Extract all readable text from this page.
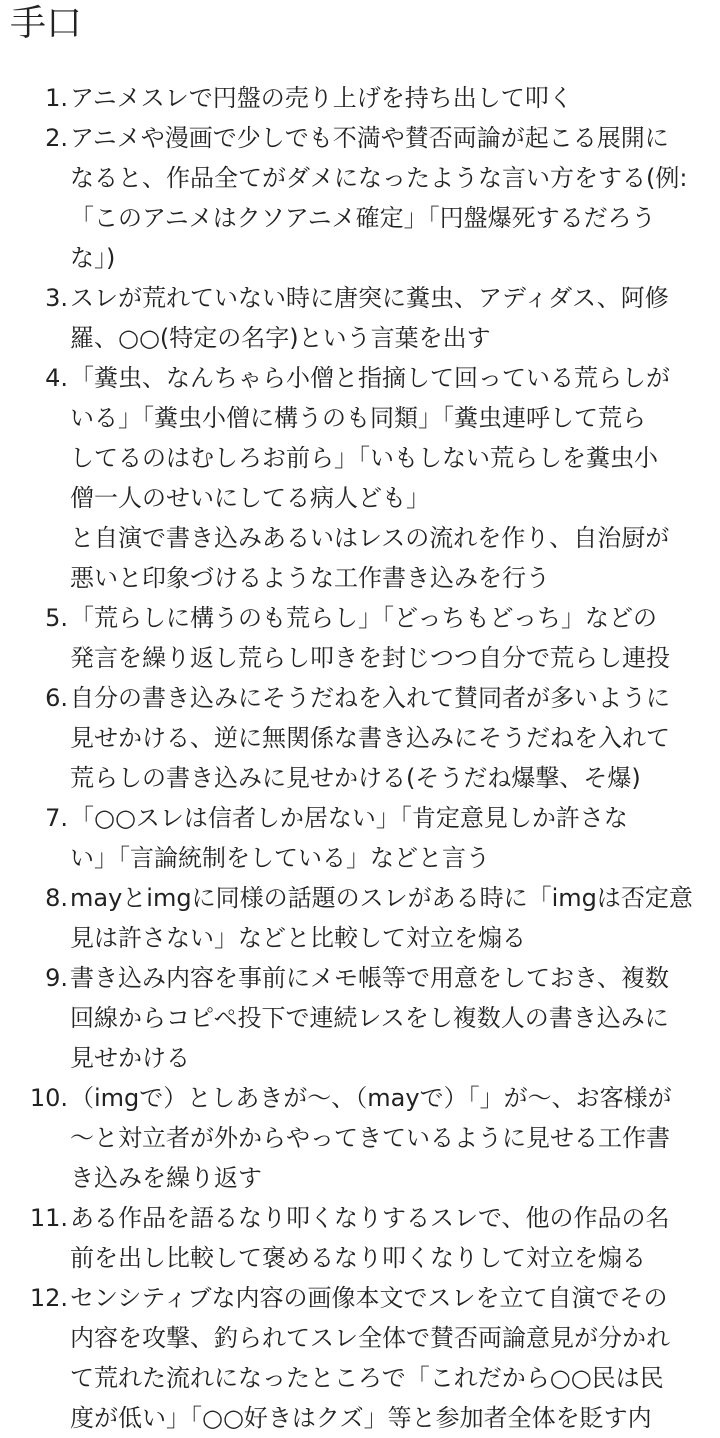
手口
1. アニメスレで円盤の売り上げを持ち出して叩く
2. アニメや漫画で少しでも不満や賛否両論が起こる展開に
なると、作品全てがダメになったような言い方をする(例:
「このアニメはクソアニメ確定」「円盤爆死するだろう
な」)
3. スレが荒れていない時に唐突に糞虫、アディダス、阿修
羅、○○(特定の名字)という言葉を出す
4. 「糞虫、なんちゃら小僧と指摘して回っている荒らしが
いる」「糞虫小僧に構うのも同類」「糞虫連呼して荒ら
してるのはむしろお前ら」「いもしない荒らしを糞虫小
僧一人のせいにしてる病人ども」
と自演で書き込みあるいはレスの流れを作り、自治厨が
悪いと印象づけるような工作書き込みを行う
5. 「荒らしに構うのも荒らし」「どっちもどっち」などの
発言を繰り返し荒らし叩きを封じつつ自分で荒らし連投
6. 自分の書き込みにそうだねを入れて賛同者が多いように
見せかける、逆に無関係な書き込みにそうだねを入れて
荒らしの書き込みに見せかける(そうだね爆撃、そ爆)
7. 「○○スレは信者しか居ない」「肯定意見しか許さな
い」「言論統制をしている」などと言う
8. mayとimgに同様の話題のスレがある時に「imgは否定意
見は許さない」などと比較して対立を煽る
9. 書き込み内容を事前にメモ帳等で用意をしておき、複数
回線からコピペ投下で連続レスをし複数人の書き込みに
見せかける
10. （imgで）としあきが〜、（mayで）「」が〜、お客様が
〜と対立者が外からやってきているように見せる工作書
き込みを繰り返す
11. ある作品を語るなり叩くなりするスレで、他の作品の名
前を出し比較して褒めるなり叩くなりして対立を煽る
12. センシティブな内容の画像本文でスレを立て自演でその
内容を攻撃、釣られてスレ全体で賛否両論意見が分かれ
て荒れた流れになったところで「これだから○○民は民
度が低い」「○○好きはクズ」等と参加者全体を貶す内
